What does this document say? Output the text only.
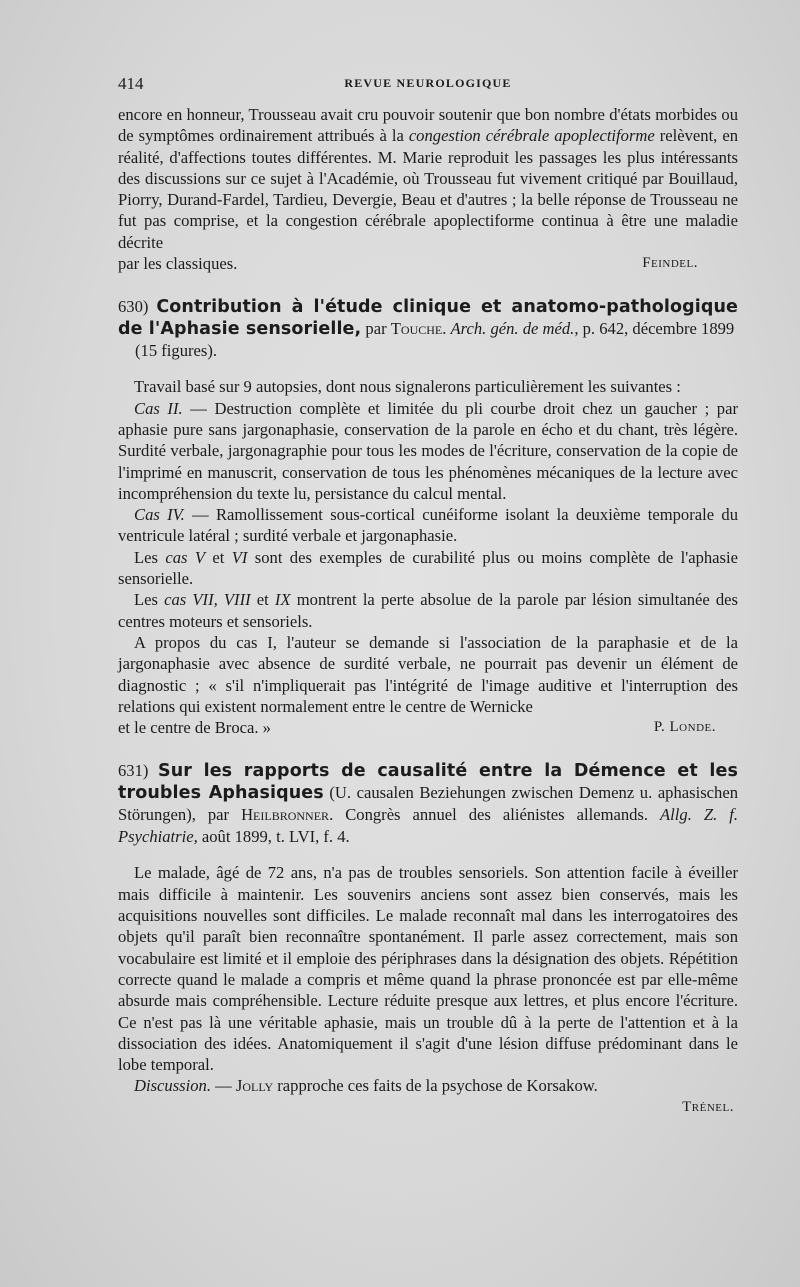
414	REVUE NEUROLOGIQUE

encore en honneur, Trousseau avait cru pouvoir soutenir que bon nombre d'états morbides ou de symptômes ordinairement attribués à la congestion cérébrale apoplectiforme relèvent, en réalité, d'affections toutes différentes. M. Marie reproduit les passages les plus intéressants des discussions sur ce sujet à l'Académie, où Trousseau fut vivement critiqué par Bouillaud, Piorry, Durand-Fardel, Tardieu, Devergie, Beau et d'autres ; la belle réponse de Trousseau ne fut pas comprise, et la congestion cérébrale apoplectiforme continua à être une maladie décrite

par les classiques.	Feindel.

630) Contribution à l'étude clinique et anatomo-pathologique de l'Aphasie sensorielle, par Touche. Arch. gén. de méd., p. 642, décembre 1899
(15 figures).

Travail basé sur 9 autopsies, dont nous signalerons particulièrement les suivantes :

Cas II. — Destruction complète et limitée du pli courbe droit chez un gaucher ; par aphasie pure sans jargonaphasie, conservation de la parole en écho et du chant, très légère. Surdité verbale, jargonagraphie pour tous les modes de l'écriture, conservation de la copie de l'imprimé en manuscrit, conservation de tous les phénomènes mécaniques de la lecture avec incompréhension du texte lu, persistance du calcul mental.

Cas IV. — Ramollissement sous-cortical cunéiforme isolant la deuxième temporale du ventricule latéral ; surdité verbale et jargonaphasie.

Les cas V et VI sont des exemples de curabilité plus ou moins complète de l'aphasie sensorielle.

Les cas VII, VIII et IX montrent la perte absolue de la parole par lésion simultanée des centres moteurs et sensoriels.

A propos du cas I, l'auteur se demande si l'association de la paraphasie et de la jargonaphasie avec absence de surdité verbale, ne pourrait pas devenir un élément de diagnostic ; « s'il n'impliquerait pas l'intégrité de l'image auditive et l'interruption des relations qui existent normalement entre le centre de Wernicke

et le centre de Broca. »	P. Londe.

631) Sur les rapports de causalité entre la Démence et les troubles Aphasiques (U. causalen Beziehungen zwischen Demenz u. aphasischen Störungen), par Heilbronner. Congrès annuel des aliénistes allemands. Allg. Z. f. Psychiatrie, août 1899, t. LVI, f. 4.

Le malade, âgé de 72 ans, n'a pas de troubles sensoriels. Son attention facile à éveiller mais difficile à maintenir. Les souvenirs anciens sont assez bien conservés, mais les acquisitions nouvelles sont difficiles. Le malade reconnaît mal dans les interrogatoires des objets qu'il paraît bien reconnaître spontanément. Il parle assez correctement, mais son vocabulaire est limité et il emploie des périphrases dans la désignation des objets. Répétition correcte quand le malade a compris et même quand la phrase prononcée est par elle-même absurde mais compréhensible. Lecture réduite presque aux lettres, et plus encore l'écriture. Ce n'est pas là une véritable aphasie, mais un trouble dû à la perte de l'attention et à la dissociation des idées. Anatomiquement il s'agit d'une lésion diffuse prédominant dans le lobe temporal.

Discussion. — Jolly rapproche ces faits de la psychose de Korsakow.

Trénel.
